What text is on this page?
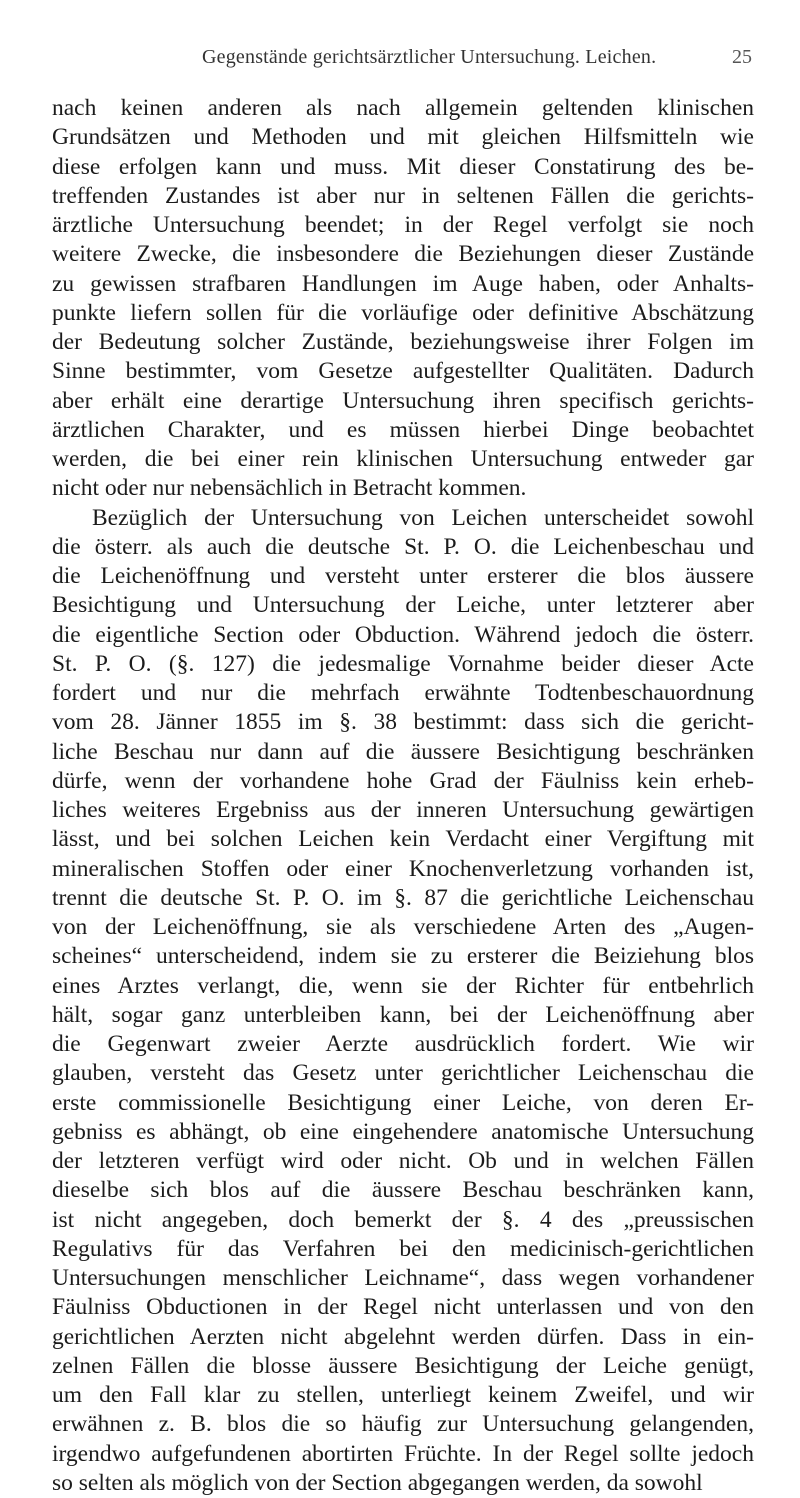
Gegenstände gerichtsärztlicher Untersuchung. Leichen.	25
nach keinen anderen als nach allgemein geltenden klinischen
Grundsätzen und Methoden und mit gleichen Hilfsmitteln wie
diese erfolgen kann und muss. Mit dieser Constatirung des be-
treffenden Zustandes ist aber nur in seltenen Fällen die gerichts-
ärztliche Untersuchung beendet; in der Regel verfolgt sie noch
weitere Zwecke, die insbesondere die Beziehungen dieser Zustände
zu gewissen strafbaren Handlungen im Auge haben, oder Anhalts-
punkte liefern sollen für die vorläufige oder definitive Abschätzung
der Bedeutung solcher Zustände, beziehungsweise ihrer Folgen im
Sinne bestimmter, vom Gesetze aufgestellter Qualitäten. Dadurch
aber erhält eine derartige Untersuchung ihren specifisch gerichts-
ärztlichen Charakter, und es müssen hierbei Dinge beobachtet
werden, die bei einer rein klinischen Untersuchung entweder gar
nicht oder nur nebensächlich in Betracht kommen.
Bezüglich der Untersuchung von Leichen unterscheidet sowohl
die österr. als auch die deutsche St. P. O. die Leichenbeschau und
die Leichenöffnung und versteht unter ersterer die blos äussere
Besichtigung und Untersuchung der Leiche, unter letzterer aber
die eigentliche Section oder Obduction. Während jedoch die österr.
St. P. O. (§. 127) die jedesmalige Vornahme beider dieser Acte
fordert und nur die mehrfach erwähnte Todtenbeschauordnung
vom 28. Jänner 1855 im §. 38 bestimmt: dass sich die gericht-
liche Beschau nur dann auf die äussere Besichtigung beschränken
dürfe, wenn der vorhandene hohe Grad der Fäulniss kein erheb-
liches weiteres Ergebniss aus der inneren Untersuchung gewärtigen
lässt, und bei solchen Leichen kein Verdacht einer Vergiftung mit
mineralischen Stoffen oder einer Knochenverletzung vorhanden ist,
trennt die deutsche St. P. O. im §. 87 die gerichtliche Leichenschau
von der Leichenöffnung, sie als verschiedene Arten des „Augen-
scheines“ unterscheidend, indem sie zu ersterer die Beiziehung blos
eines Arztes verlangt, die, wenn sie der Richter für entbehrlich
hält, sogar ganz unterbleiben kann, bei der Leichenöffnung aber
die Gegenwart zweier Aerzte ausdrücklich fordert. Wie wir
glauben, versteht das Gesetz unter gerichtlicher Leichenschau die
erste commissionelle Besichtigung einer Leiche, von deren Er-
gebniss es abhängt, ob eine eingehendere anatomische Untersuchung
der letzteren verfügt wird oder nicht. Ob und in welchen Fällen
dieselbe sich blos auf die äussere Beschau beschränken kann,
ist nicht angegeben, doch bemerkt der §. 4 des „preussischen
Regulativs für das Verfahren bei den medicinisch-gerichtlichen
Untersuchungen menschlicher Leichname“, dass wegen vorhandener
Fäulniss Obductionen in der Regel nicht unterlassen und von den
gerichtlichen Aerzten nicht abgelehnt werden dürfen. Dass in ein-
zelnen Fällen die blosse äussere Besichtigung der Leiche genügt,
um den Fall klar zu stellen, unterliegt keinem Zweifel, und wir
erwähnen z. B. blos die so häufig zur Untersuchung gelangenden,
irgendwo aufgefundenen abortirten Früchte. In der Regel sollte jedoch
so selten als möglich von der Section abgegangen werden, da sowohl
